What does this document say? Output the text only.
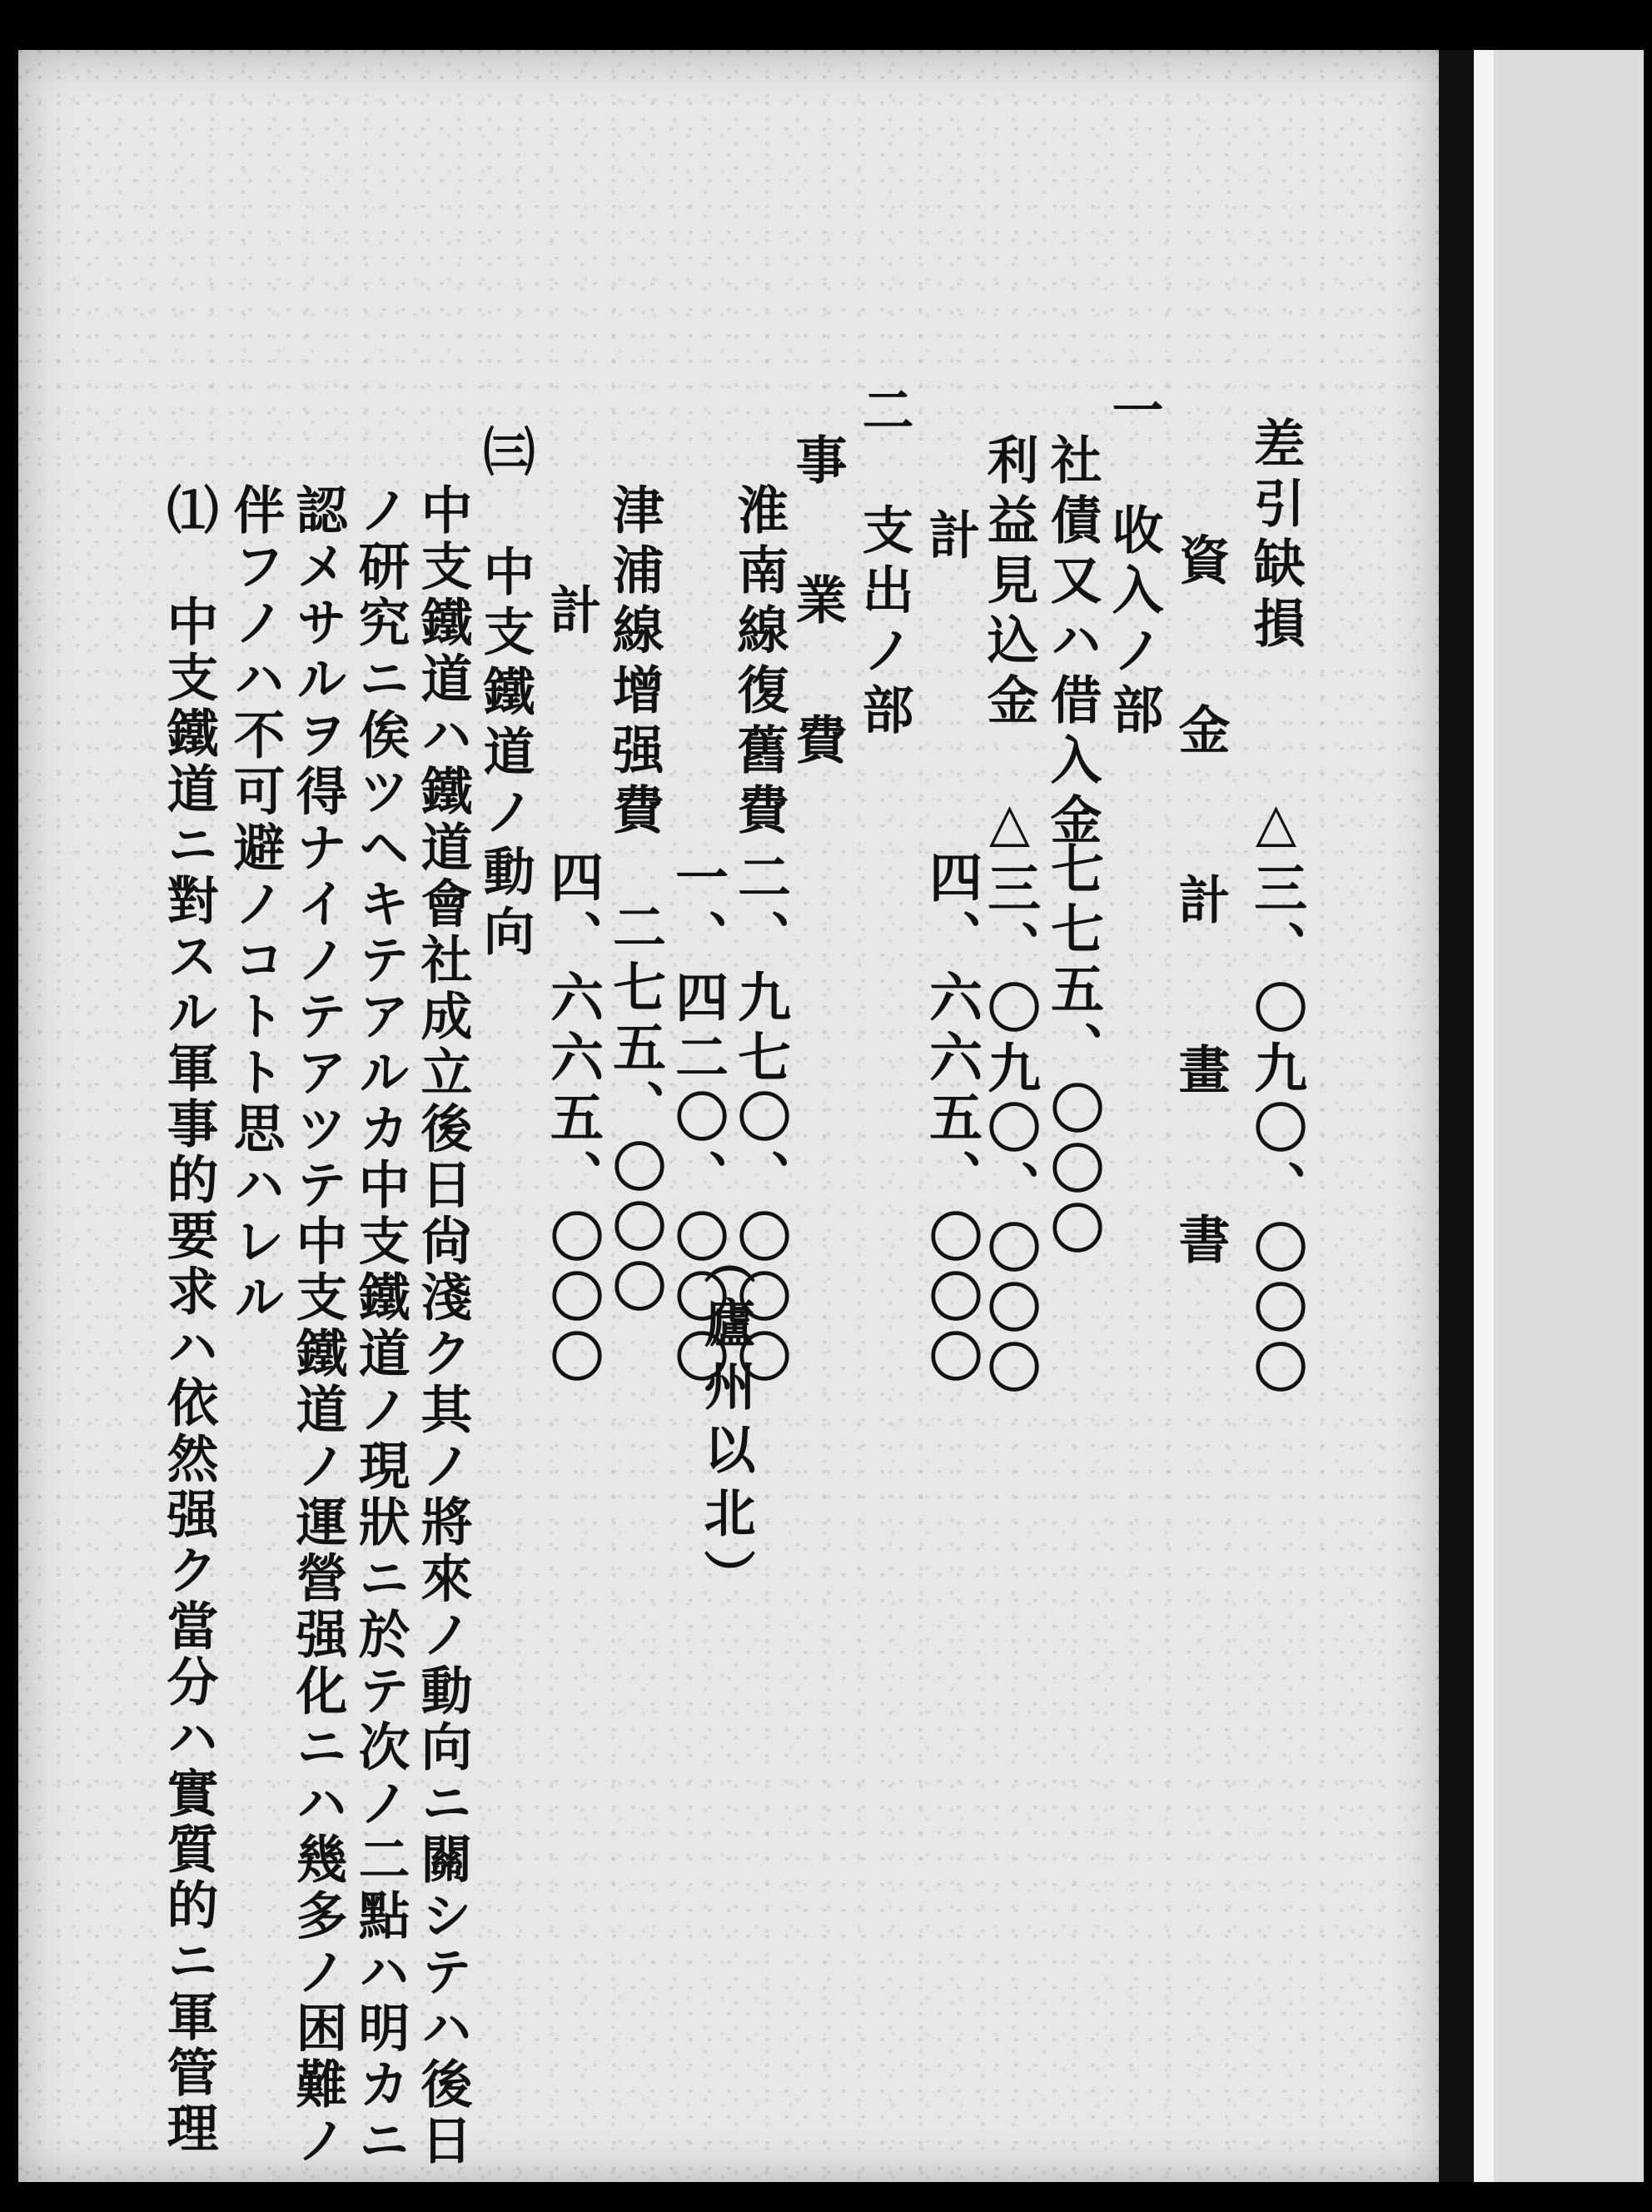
差引缺損
△三、〇九〇、〇〇〇
資　金　計　畫　書
一　收入ノ部
社債又ハ借入金
七七五、〇〇〇
利益見込金
△三、〇九〇、〇〇〇
計
四、六六五、〇〇〇
二　支出ノ部
事　業　費
淮南線復舊費
二、九七〇、〇〇〇
（廬州以北）
一、四二〇、〇〇〇
津浦線增强費
二七五、〇〇〇
計
四、六六五、〇〇〇
㈢　中支鐵道ノ動向
中支鐵道ハ鐵道會社成立後日尙淺ク其ノ將來ノ動向ニ關シテハ後日
ノ研究ニ俟ツヘキテアルカ中支鐵道ノ現狀ニ於テ次ノ二點ハ明カニ
認メサルヲ得ナイノテアツテ中支鐵道ノ運營强化ニハ幾多ノ困難ノ
伴フノハ不可避ノコトト思ハレル
⑴　中支鐵道ニ對スル軍事的要求ハ依然强ク當分ハ實質的ニ軍管理
